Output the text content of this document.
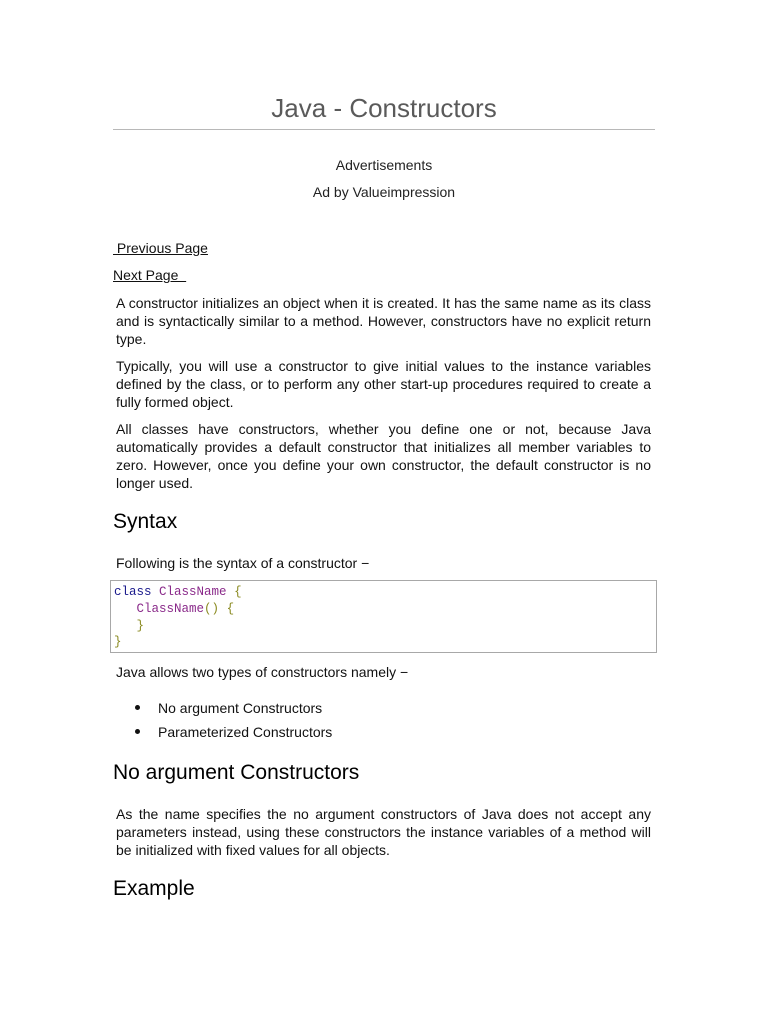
Java - Constructors
Advertisements
Ad by Valueimpression
Previous Page
Next Page

A constructor initializes an object when it is created. It has the same name as its class and is syntactically similar to a method. However, constructors have no explicit return type.

Typically, you will use a constructor to give initial values to the instance variables defined by the class, or to perform any other start-up procedures required to create a fully formed object.

All classes have constructors, whether you define one or not, because Java automatically provides a default constructor that initializes all member variables to zero. However, once you define your own constructor, the default constructor is no longer used.

Syntax

Following is the syntax of a constructor −

class ClassName {
ClassName() {
}
}

Java allows two types of constructors namely −

No argument Constructors
Parameterized Constructors
No argument Constructors

As the name specifies the no argument constructors of Java does not accept any parameters instead, using these constructors the instance variables of a method will be initialized with fixed values for all objects.

Example
